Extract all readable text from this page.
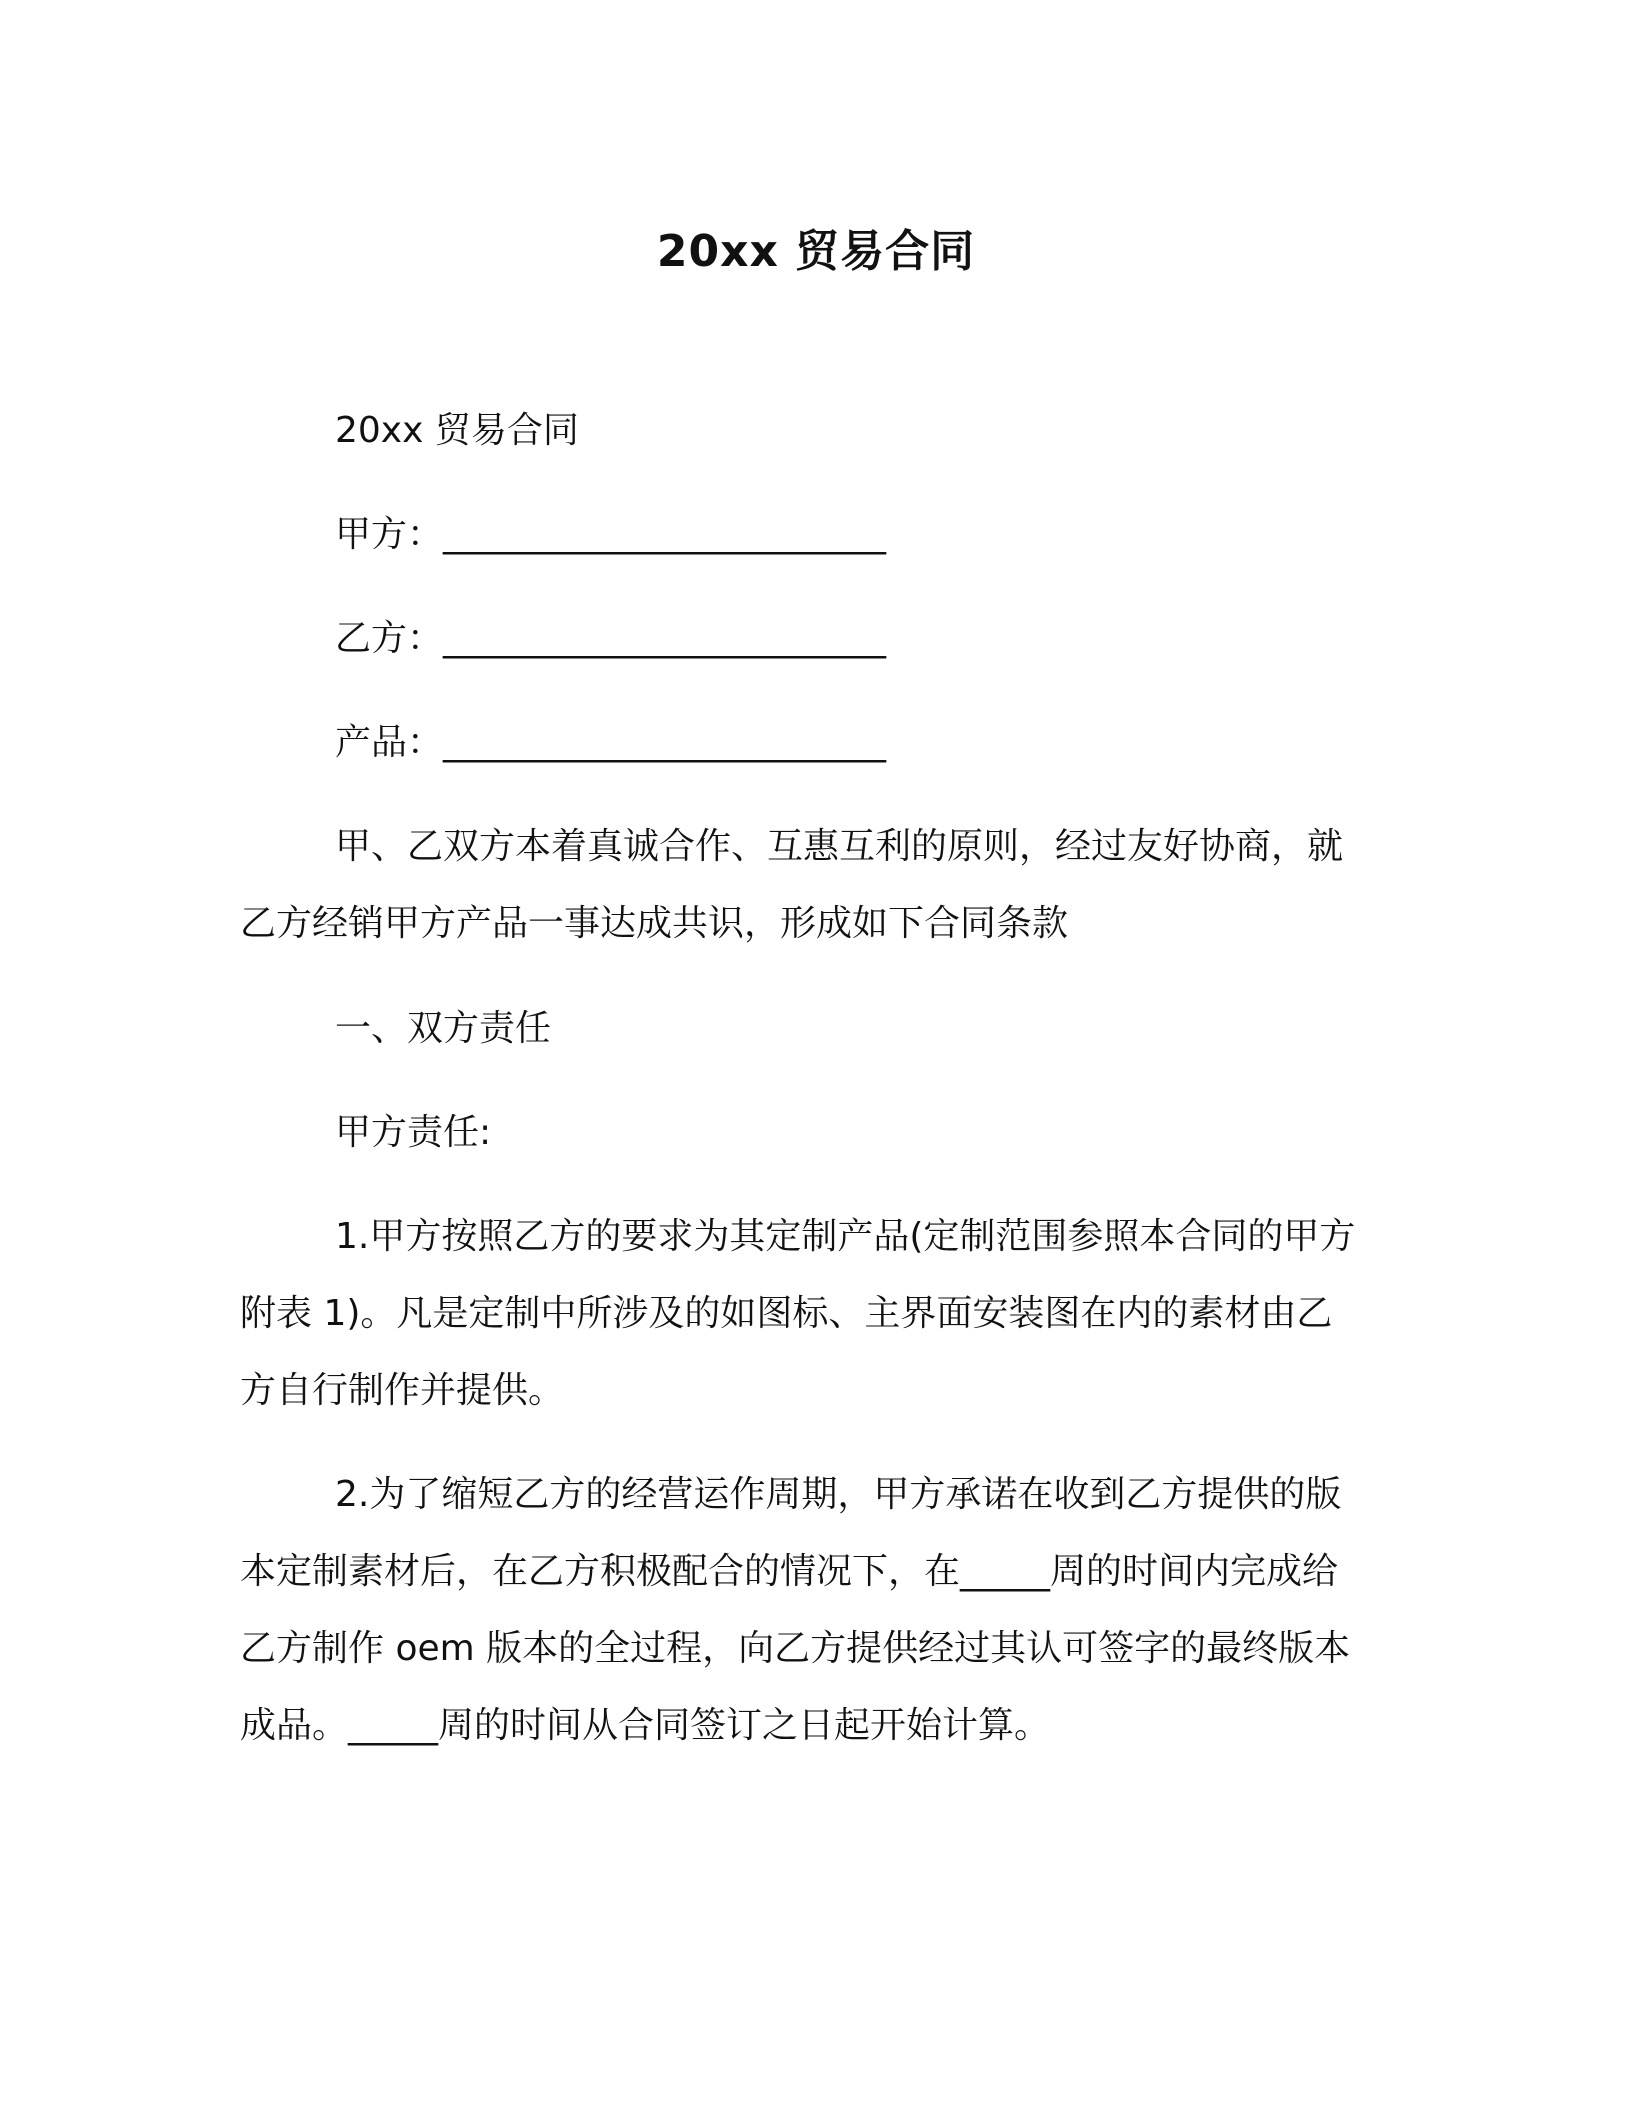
20xx 贸易合同

20xx 贸易合同

甲方：__________________________

乙方：__________________________

产品：__________________________

甲、乙双方本着真诚合作、互惠互利的原则，经过友好协商，就

乙方经销甲方产品一事达成共识，形成如下合同条款

一、双方责任

甲方责任:

1.甲方按照乙方的要求为其定制产品(定制范围参照本合同的甲方

附表 1)。凡是定制中所涉及的如图标、主界面安装图在内的素材由乙

方自行制作并提供。

2.为了缩短乙方的经营运作周期，甲方承诺在收到乙方提供的版

本定制素材后，在乙方积极配合的情况下，在_____周的时间内完成给

乙方制作 oem 版本的全过程，向乙方提供经过其认可签字的最终版本

成品。_____周的时间从合同签订之日起开始计算。
